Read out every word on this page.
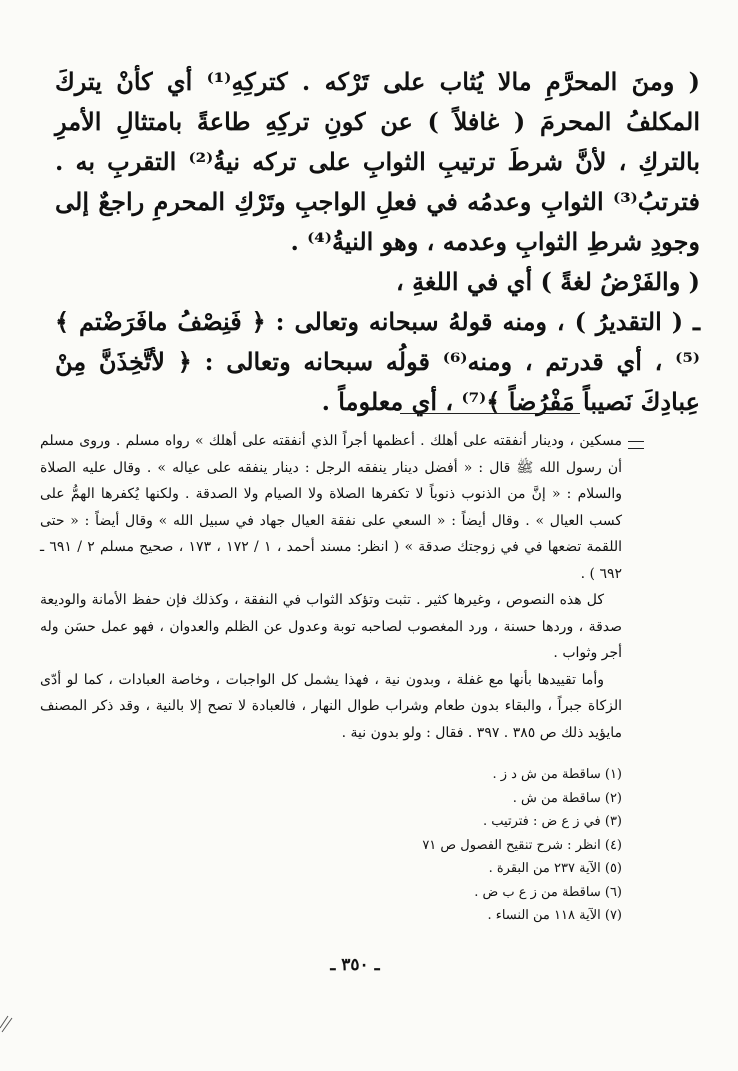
( ومنَ المحرَّمِ مالا يُثاب على تَرْكه . كتركِهِ⁽¹⁾ أي كأنْ يتركَ المكلفُ المحرمَ ( غافلاً ) عن كونِ تركِهِ طاعةً بامتثالِ الأمرِ بالتركِ ، لأنَّ شرطَ ترتيبِ الثوابِ على تركه نيةُ⁽²⁾ التقربِ به . فترتبُ⁽³⁾ الثوابِ وعدمُه في فعلِ الواجبِ وتَرْكِ المحرمِ راجعٌ إلى وجودِ شرطِ الثوابِ وعدمه ، وهو النيةُ⁽⁴⁾ .

( والفَرْضُ لغةً ) أي في اللغةِ ،

ـ ( التقديرُ ) ، ومنه قولهُ سبحانه وتعالى : ﴿ فَنِصْفُ مافَرَضْتم ﴾⁽⁵⁾ ، أي قدرتم ، ومنه⁽⁶⁾ قولُه سبحانه وتعالى : ﴿ لأتَّخِذَنَّ مِنْ عِبادِكَ نَصيباً مَفْرُضاً ﴾⁽⁷⁾ ، أي معلوماً .

مسكين ، ودينار أنفقته على أهلك . أعظمها أجراً الذي أنفقته على أهلك » رواه مسلم . وروى مسلم أن رسول الله ﷺ قال : « أفضل دينار ينفقه الرجل : دينار ينفقه على عياله » . وقال عليه الصلاة والسلام : « إنَّ من الذنوب ذنوباً لا تكفرها الصلاة ولا الصيام ولا الصدقة . ولكنها يُكفرها الهمُّ على كسب العيال » . وقال أيضاً : « السعي على نفقة العيال جهاد في سبيل الله » وقال أيضاً : « حتى اللقمة تضعها في في زوجتك صدقة » ( انظر: مسند أحمد ، ١ / ١٧٢ ، ١٧٣ ، صحيح مسلم ٢ / ٦٩١ ـ ٦٩٢ ) .

كل هذه النصوص ، وغيرها كثير . تثبت وتؤكد الثواب في النفقة ، وكذلك فإن حفظ الأمانة والوديعة صدقة ، وردها حسنة ، ورد المغصوب لصاحبه توبة وعدول عن الظلم والعدوان ، فهو عمل حسَن وله أجر وثواب .

وأما تقييدها بأنها مع غفلة ، وبدون نية ، فهذا يشمل كل الواجبات ، وخاصة العبادات ، كما لو أدّى الزكاة جبراً ، والبقاء بدون طعام وشراب طوال النهار ، فالعبادة لا تصح إلا بالنية ، وقد ذكر المصنف مايؤيد ذلك ص ٣٨٥ . ٣٩٧ . فقال : ولو بدون نية .

(١) ساقطة من ش د ز .
(٢) ساقطة من ش .
(٣) في ز ع ض : فترتيب .
(٤) انظر : شرح تنقيح الفصول ص ٧١
(٥) الآية ٢٣٧ من البقرة .
(٦) ساقطة من ز ع ب ض .
(٧) الآية ١١٨ من النساء .
ـ ٣٥٠ ـ
